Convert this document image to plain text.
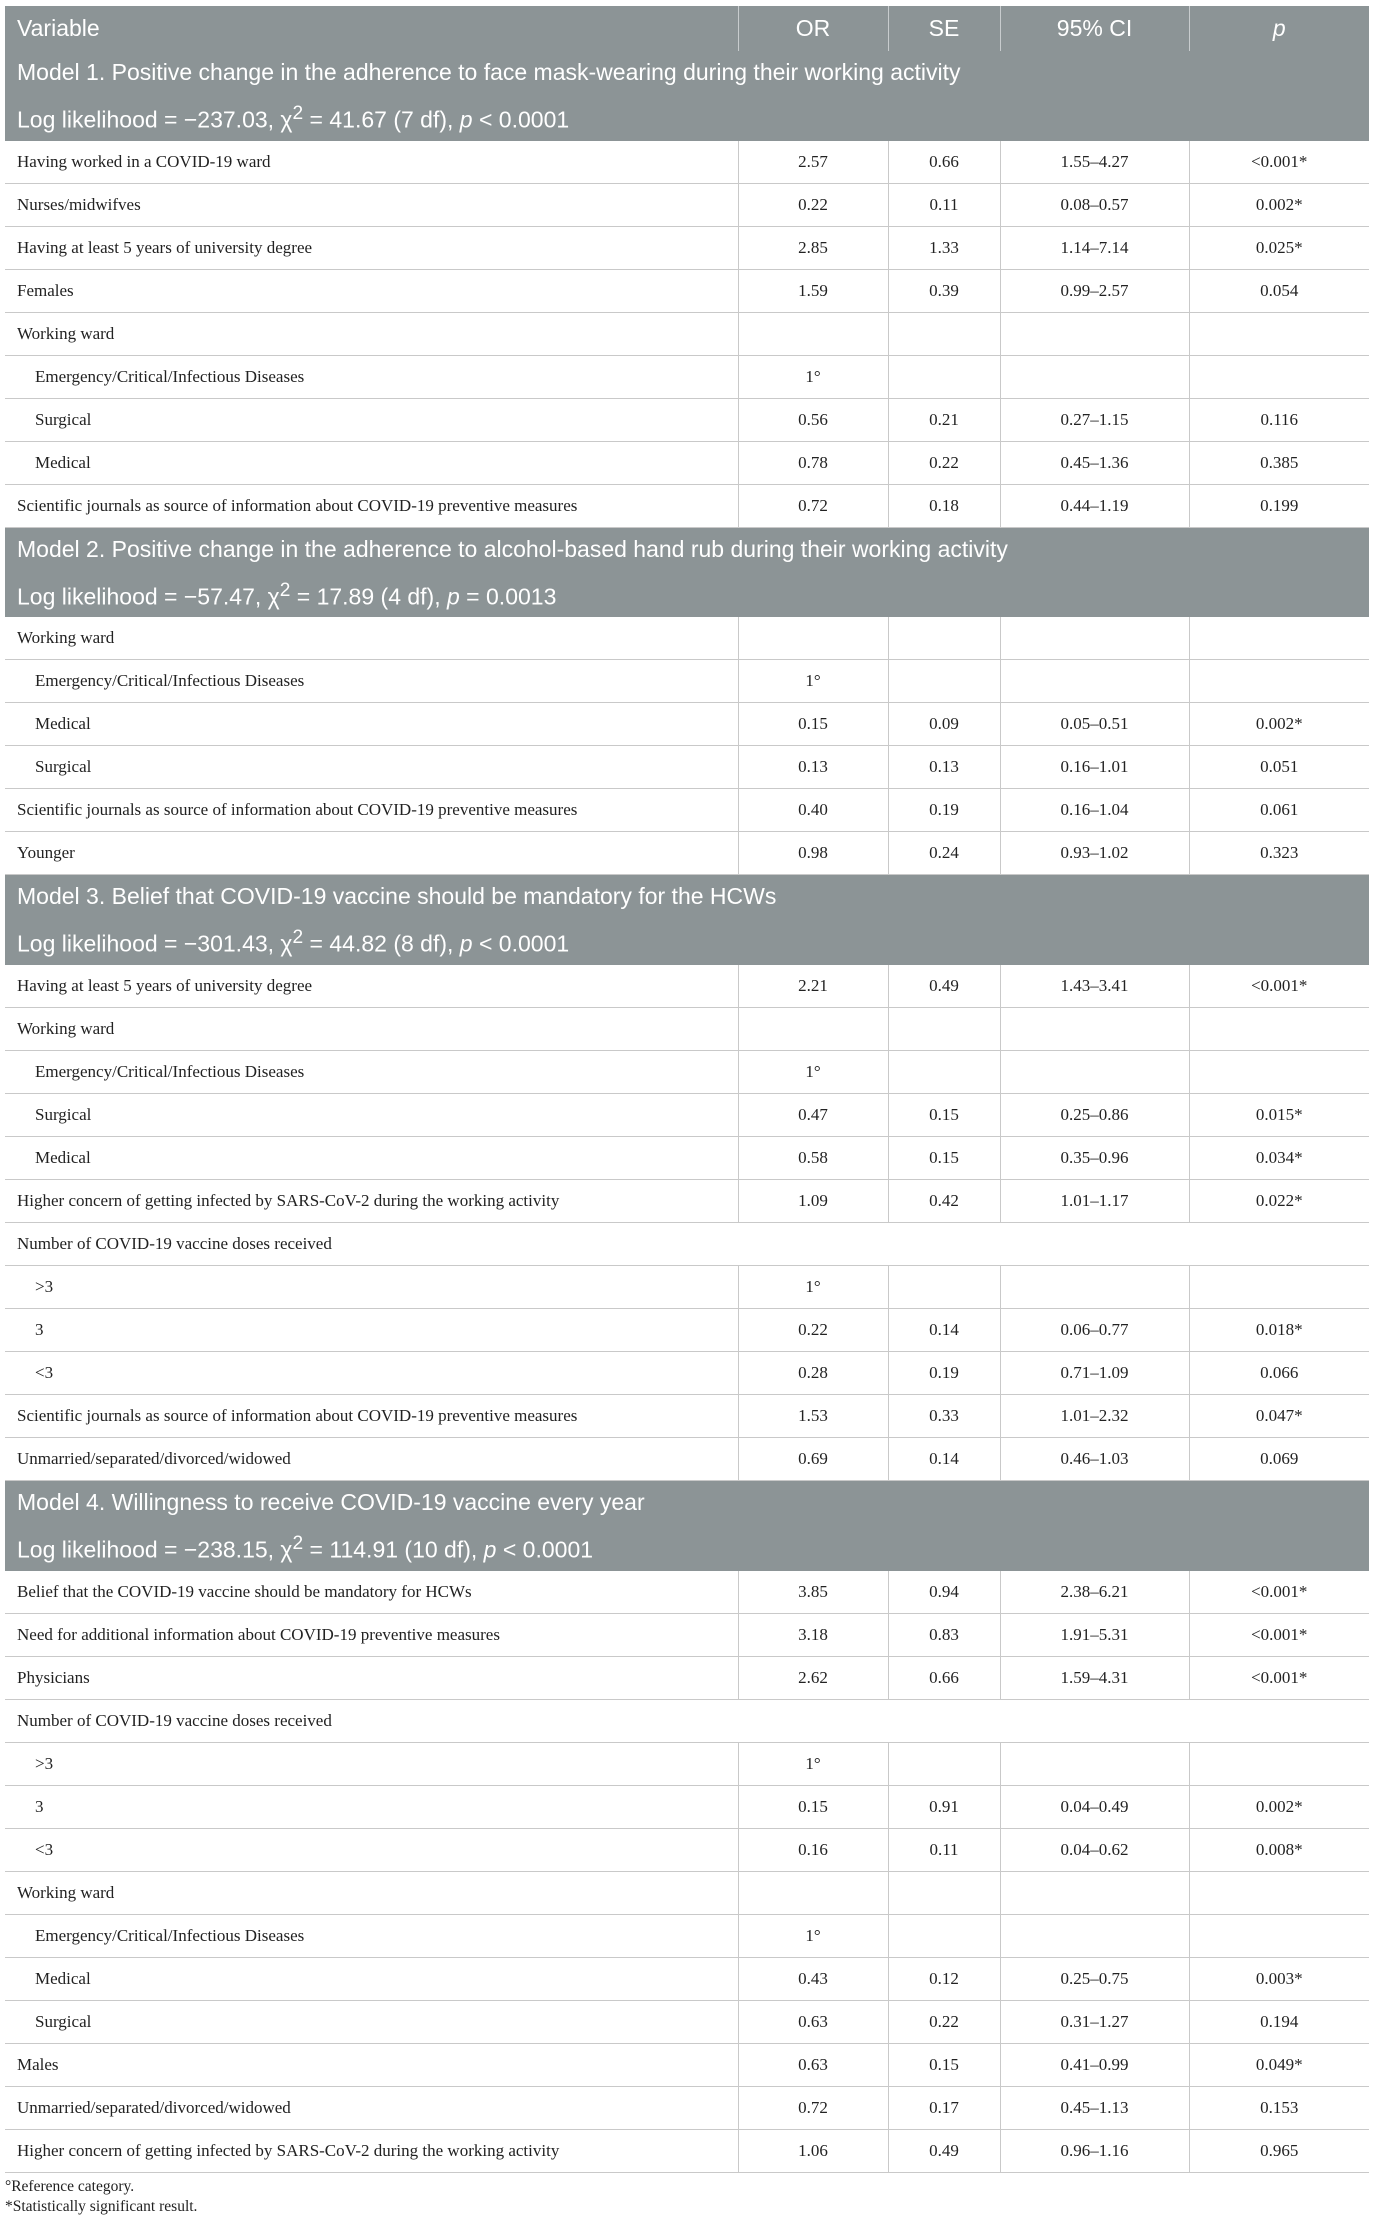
Variable	OR	SE	95% CI	p

Model 1. Positive change in the adherence to face mask-wearing during their working activity
Log likelihood = −237.03, $\chi^2 = 41.67$ (7 df), p < 0.0001				

Having worked in a COVID-19 ward	2.57	0.66	1.55–4.27	<0.001*
Nurses/midwifves	0.22	0.11	0.08–0.57	0.002*
Having at least 5 years of university degree	2.85	1.33	1.14–7.14	0.025*
Females	1.59	0.39	0.99–2.57	0.054
Working ward				
Emergency/Critical/Infectious Diseases	1°			
Surgical	0.56	0.21	0.27–1.15	0.116
Medical	0.78	0.22	0.45–1.36	0.385
Scientific journals as source of information about COVID-19 preventive measures	0.72	0.18	0.44–1.19	0.199

Model 2. Positive change in the adherence to alcohol-based hand rub during their working activity
Log likelihood = −57.47, $\chi^2 = 17.89$ (4 df), p = 0.0013				

Working ward				
Emergency/Critical/Infectious Diseases	1°			
Medical	0.15	0.09	0.05–0.51	0.002*
Surgical	0.13	0.13	0.16–1.01	0.051
Scientific journals as source of information about COVID-19 preventive measures	0.40	0.19	0.16–1.04	0.061
Younger	0.98	0.24	0.93–1.02	0.323

Model 3. Belief that COVID-19 vaccine should be mandatory for the HCWs
Log likelihood = −301.43, $\chi^2 = 44.82$ (8 df), p < 0.0001				

Having at least 5 years of university degree	2.21	0.49	1.43–3.41	<0.001*
Working ward				
Emergency/Critical/Infectious Diseases	1°			
Surgical	0.47	0.15	0.25–0.86	0.015*
Medical	0.58	0.15	0.35–0.96	0.034*
Higher concern of getting infected by SARS-CoV-2 during the working activity	1.09	0.42	1.01–1.17	0.022*
Number of COVID-19 vaccine doses received				
>3	1°			
3	0.22	0.14	0.06–0.77	0.018*
<3	0.28	0.19	0.71–1.09	0.066
Scientific journals as source of information about COVID-19 preventive measures	1.53	0.33	1.01–2.32	0.047*
Unmarried/separated/divorced/widowed	0.69	0.14	0.46–1.03	0.069

Model 4. Willingness to receive COVID-19 vaccine every year
Log likelihood = −238.15, $\chi^2 = 114.91$ (10 df), p < 0.0001				

Belief that the COVID-19 vaccine should be mandatory for HCWs	3.85	0.94	2.38–6.21	<0.001*
Need for additional information about COVID-19 preventive measures	3.18	0.83	1.91–5.31	<0.001*
Physicians	2.62	0.66	1.59–4.31	<0.001*
Number of COVID-19 vaccine doses received				
>3	1°			
3	0.15	0.91	0.04–0.49	0.002*
<3	0.16	0.11	0.04–0.62	0.008*
Working ward				
Emergency/Critical/Infectious Diseases	1°			
Medical	0.43	0.12	0.25–0.75	0.003*
Surgical	0.63	0.22	0.31–1.27	0.194
Males	0.63	0.15	0.41–0.99	0.049*
Unmarried/separated/divorced/widowed	0.72	0.17	0.45–1.13	0.153
Higher concern of getting infected by SARS-CoV-2 during the working activity	1.06	0.49	0.96–1.16	0.965
°Reference category.
*Statistically significant result.
